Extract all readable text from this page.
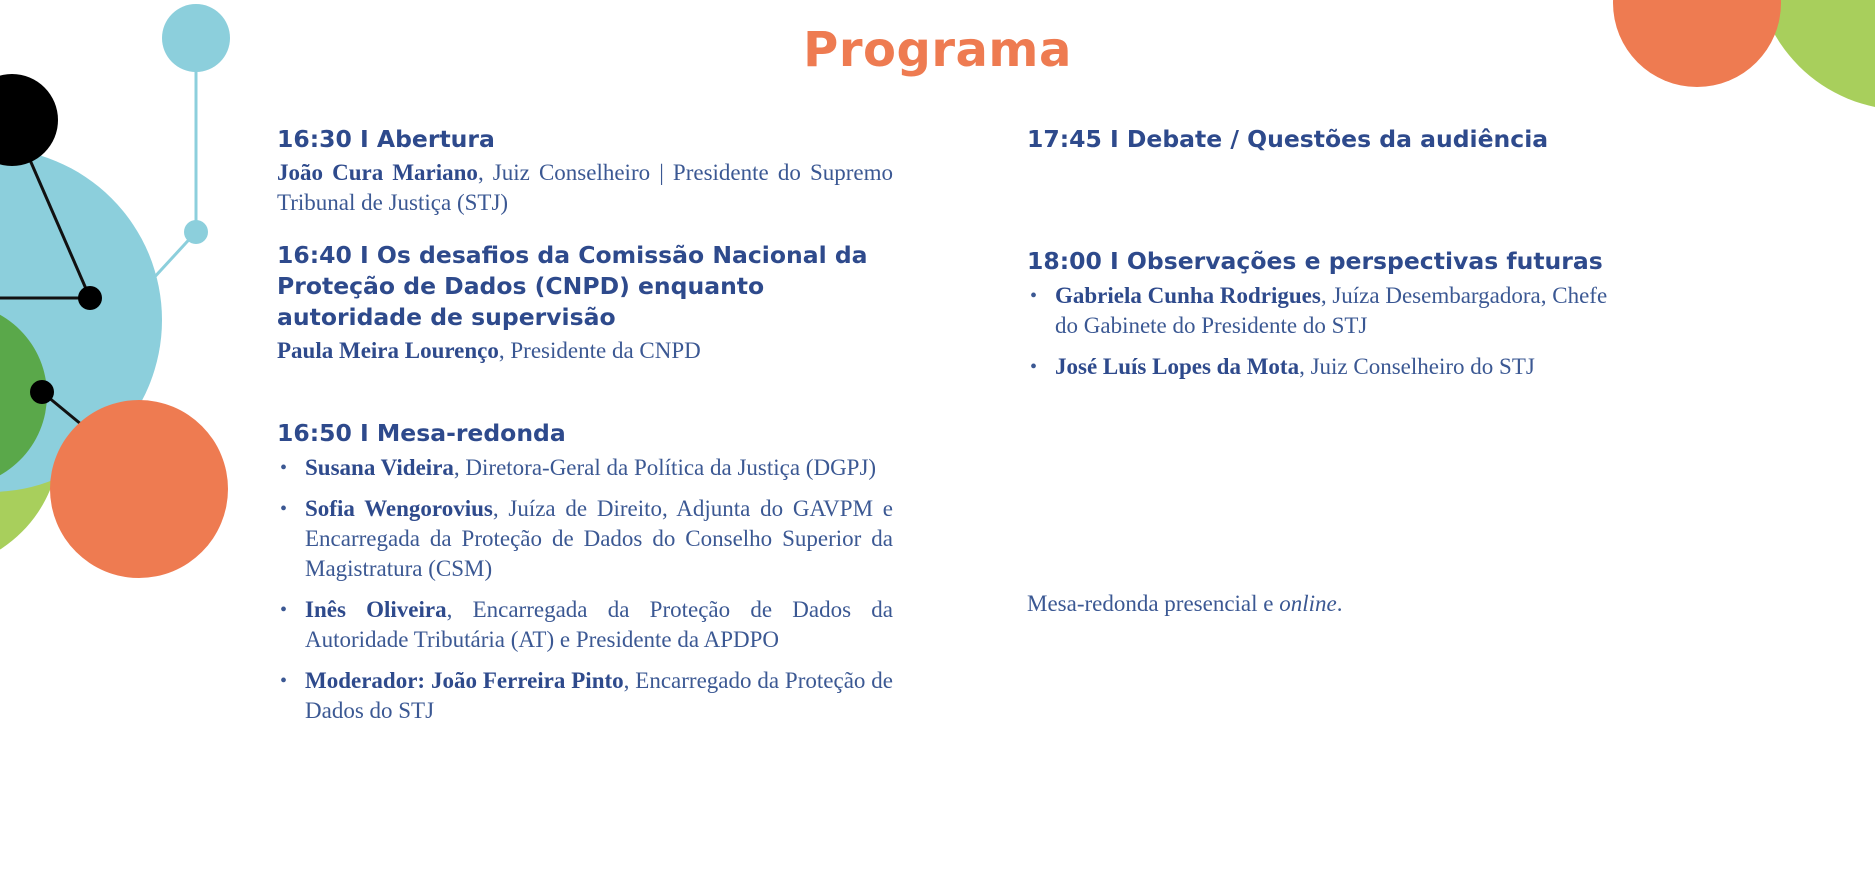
Programa

16:30 I Abertura

João Cura Mariano, Juiz Conselheiro | Presidente do Supremo Tribunal de Justiça (STJ)

16:40 I Os desafios da Comissão Nacional da
Proteção de Dados (CNPD) enquanto
autoridade de supervisão

Paula Meira Lourenço, Presidente da CNPD

16:50 I Mesa-redonda

• Susana Videira, Diretora-Geral da Política da Justiça (DGPJ)
• Sofia Wengorovius, Juíza de Direito, Adjunta do GAVPM e Encarregada da Proteção de Dados do Conselho Superior da Magistratura (CSM)
• Inês Oliveira, Encarregada da Proteção de Dados da Autoridade Tributária (AT) e Presidente da APDPO
• Moderador: João Ferreira Pinto, Encarregado da Proteção de Dados do STJ

17:45 I Debate / Questões da audiência

18:00 I Observações e perspectivas futuras

• Gabriela Cunha Rodrigues, Juíza Desembargadora, Chefe do Gabinete do Presidente do STJ
• José Luís Lopes da Mota, Juiz Conselheiro do STJ

Mesa-redonda presencial e online.
